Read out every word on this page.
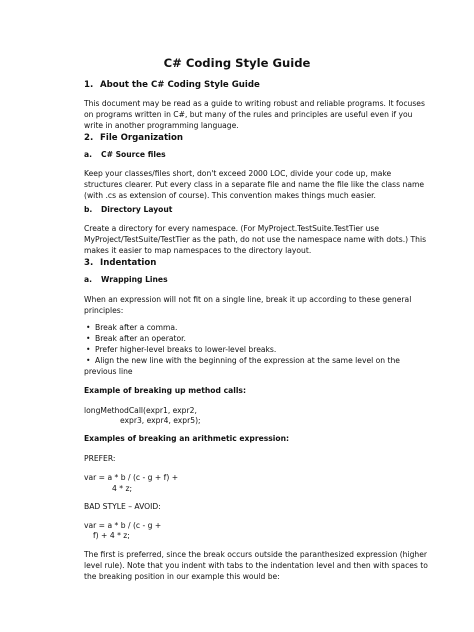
C# Coding Style Guide
1. About the C# Coding Style Guide
This document may be read as a guide to writing robust and reliable programs. It focuses
on programs written in C#, but many of the rules and principles are useful even if you
write in another programming language.
2. File Organization
a. C# Source files
Keep your classes/files short, don't exceed 2000 LOC, divide your code up, make
structures clearer. Put every class in a separate file and name the file like the class name
(with .cs as extension of course). This convention makes things much easier.
b. Directory Layout
Create a directory for every namespace. (For MyProject.TestSuite.TestTier use
MyProject/TestSuite/TestTier as the path, do not use the namespace name with dots.) This
makes it easier to map namespaces to the directory layout.
3. Indentation
a. Wrapping Lines
When an expression will not fit on a single line, break it up according to these general
principles:
• Break after a comma.
• Break after an operator.
• Prefer higher-level breaks to lower-level breaks.
• Align the new line with the beginning of the expression at the same level on the
previous line
Example of breaking up method calls:
longMethodCall(expr1, expr2,
expr3, expr4, expr5);
Examples of breaking an arithmetic expression:
PREFER:
var = a * b / (c - g + f) +
4 * z;
BAD STYLE – AVOID:
var = a * b / (c - g +
f) + 4 * z;
The first is preferred, since the break occurs outside the paranthesized expression (higher
level rule). Note that you indent with tabs to the indentation level and then with spaces to
the breaking position in our example this would be:
